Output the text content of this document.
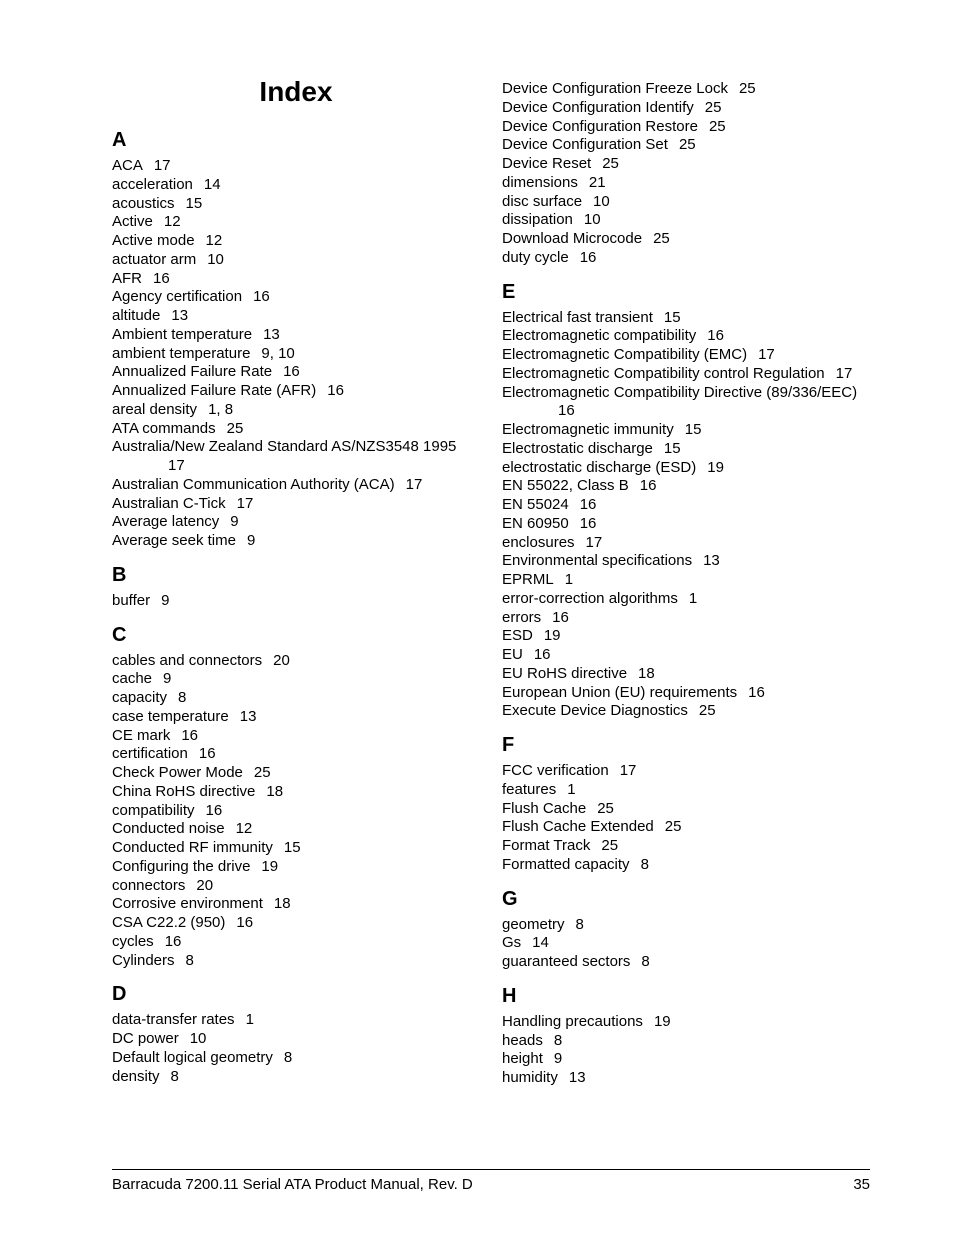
Index
A
ACA 17
acceleration 14
acoustics 15
Active 12
Active mode 12
actuator arm 10
AFR 16
Agency certification 16
altitude 13
Ambient temperature 13
ambient temperature 9, 10
Annualized Failure Rate 16
Annualized Failure Rate (AFR) 16
areal density 1, 8
ATA commands 25
Australia/New Zealand Standard AS/NZS3548 1995
17
Australian Communication Authority (ACA) 17
Australian C-Tick 17
Average latency 9
Average seek time 9
B
buffer 9
C
cables and connectors 20
cache 9
capacity 8
case temperature 13
CE mark 16
certification 16
Check Power Mode 25
China RoHS directive 18
compatibility 16
Conducted noise 12
Conducted RF immunity 15
Configuring the drive 19
connectors 20
Corrosive environment 18
CSA C22.2 (950) 16
cycles 16
Cylinders 8
D
data-transfer rates 1
DC power 10
Default logical geometry 8
density 8
Device Configuration Freeze Lock 25
Device Configuration Identify 25
Device Configuration Restore 25
Device Configuration Set 25
Device Reset 25
dimensions 21
disc surface 10
dissipation 10
Download Microcode 25
duty cycle 16
E
Electrical fast transient 15
Electromagnetic compatibility 16
Electromagnetic Compatibility (EMC) 17
Electromagnetic Compatibility control Regulation 17
Electromagnetic Compatibility Directive (89/336/EEC)
16
Electromagnetic immunity 15
Electrostatic discharge 15
electrostatic discharge (ESD) 19
EN 55022, Class B 16
EN 55024 16
EN 60950 16
enclosures 17
Environmental specifications 13
EPRML 1
error-correction algorithms 1
errors 16
ESD 19
EU 16
EU RoHS directive 18
European Union (EU) requirements 16
Execute Device Diagnostics 25
F
FCC verification 17
features 1
Flush Cache 25
Flush Cache Extended 25
Format Track 25
Formatted capacity 8
G
geometry 8
Gs 14
guaranteed sectors 8
H
Handling precautions 19
heads 8
height 9
humidity 13
Barracuda 7200.11 Serial ATA Product Manual, Rev. D	35
